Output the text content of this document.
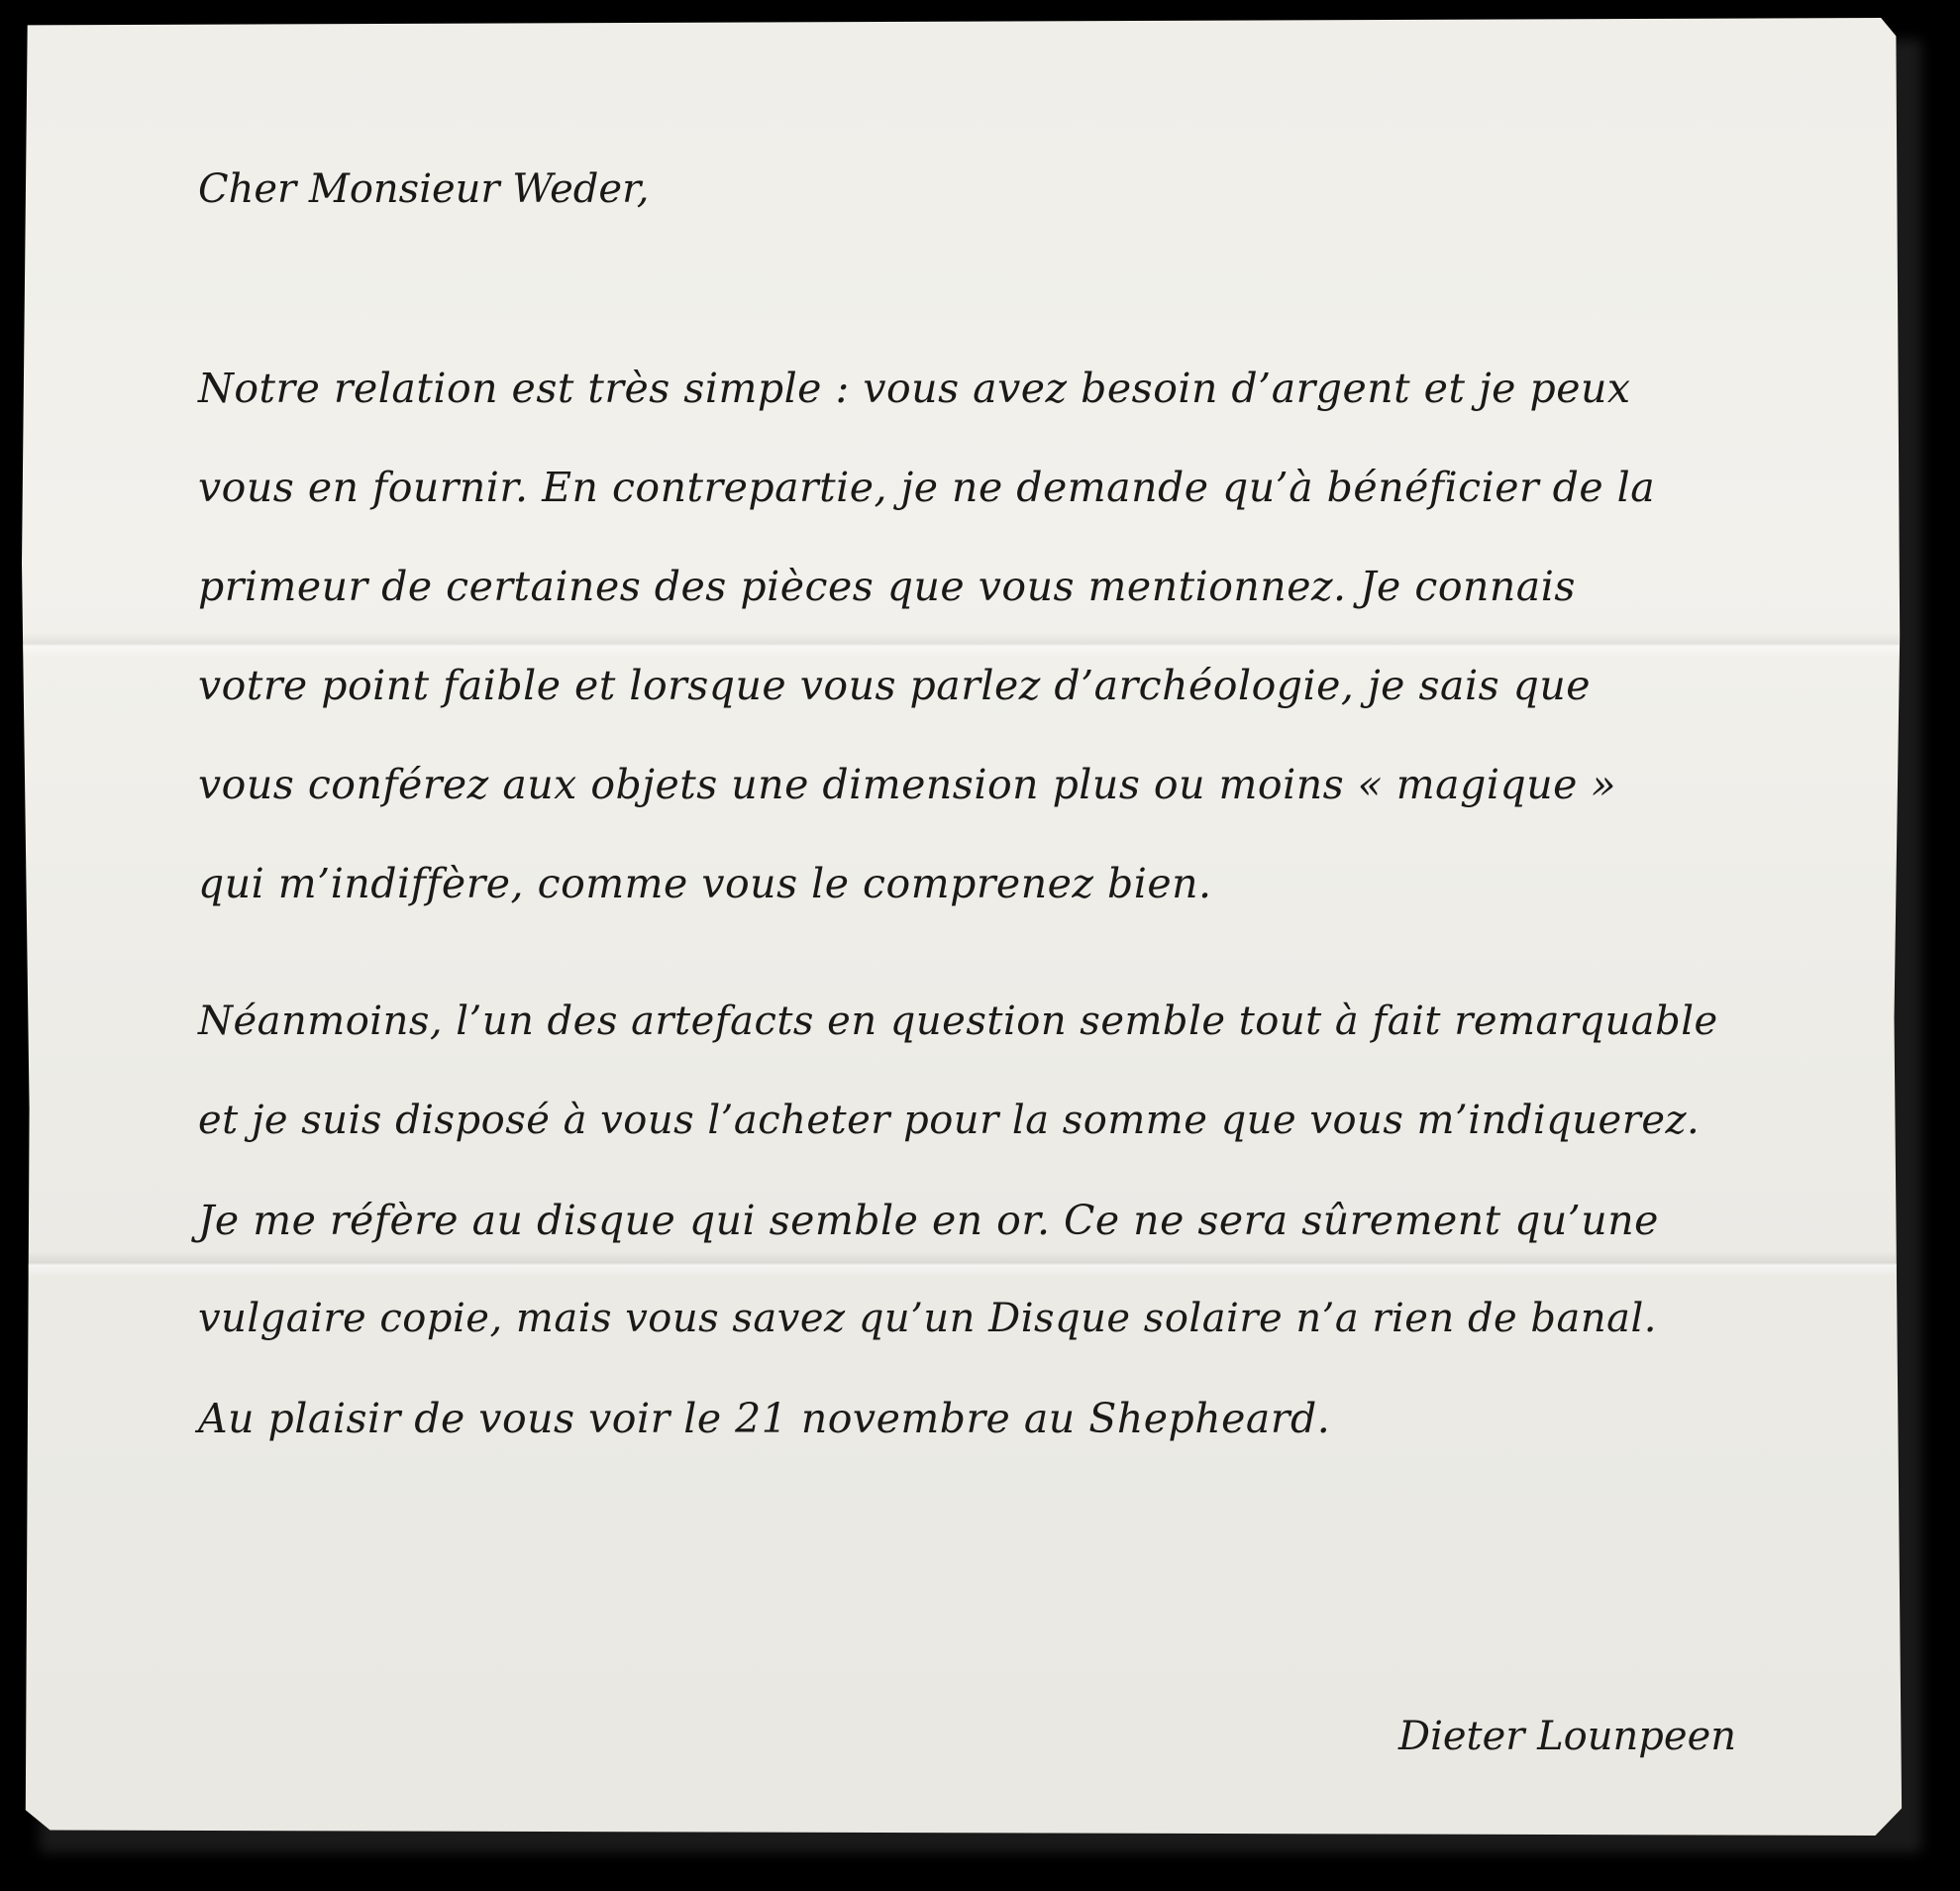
Cher Monsieur Weder,
Notre relation est très simple : vous avez besoin d’argent et je peux
vous en fournir. En contrepartie, je ne demande qu’à bénéficier de la
primeur de certaines des pièces que vous mentionnez. Je connais
votre point faible et lorsque vous parlez d’archéologie, je sais que
vous conférez aux objets une dimension plus ou moins « magique »
qui m’indiffère, comme vous le comprenez bien.
Néanmoins, l’un des artefacts en question semble tout à fait remarquable
et je suis disposé à vous l’acheter pour la somme que vous m’indiquerez.
Je me réfère au disque qui semble en or. Ce ne sera sûrement qu’une
vulgaire copie, mais vous savez qu’un Disque solaire n’a rien de banal.
Au plaisir de vous voir le 21 novembre au Shepheard.
Dieter Lounpeen
